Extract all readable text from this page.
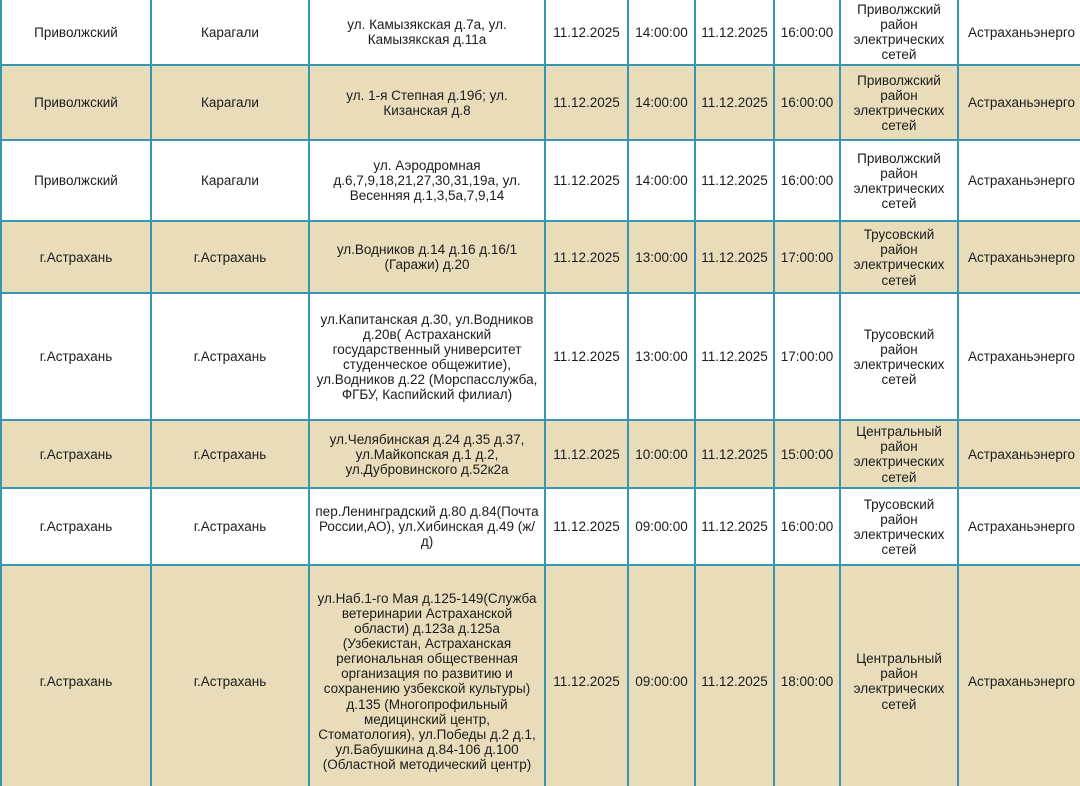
Приволжский	Карагали	ул. Камызякская д.7а, ул. Камызякская д.11а	11.12.2025	14:00:00	11.12.2025	16:00:00	Приволжский район электрических сетей	Астраханьэнерго
Приволжский	Карагали	ул. 1-я Степная д.19б; ул. Кизанская д.8	11.12.2025	14:00:00	11.12.2025	16:00:00	Приволжский район электрических сетей	Астраханьэнерго
Приволжский	Карагали	ул. Аэродромная д.6,7,9,18,21,27,30,31,19а, ул. Весенняя д.1,3,5а,7,9,14	11.12.2025	14:00:00	11.12.2025	16:00:00	Приволжский район электрических сетей	Астраханьэнерго
г.Астрахань	г.Астрахань	ул.Водников д.14 д.16 д.16/1 (Гаражи) д.20	11.12.2025	13:00:00	11.12.2025	17:00:00	Трусовский район электрических сетей	Астраханьэнерго
г.Астрахань	г.Астрахань	ул.Капитанская д.30, ул.Водников д.20в( Астраханский государственный университет студенческое общежитие), ул.Водников д.22 (Морспасслужба, ФГБУ, Каспийский филиал)	11.12.2025	13:00:00	11.12.2025	17:00:00	Трусовский район электрических сетей	Астраханьэнерго
г.Астрахань	г.Астрахань	ул.Челябинская д.24 д.35 д.37, ул.Майкопская д.1 д.2, ул.Дубровинского д.52к2а	11.12.2025	10:00:00	11.12.2025	15:00:00	Центральный район электрических сетей	Астраханьэнерго
г.Астрахань	г.Астрахань	пер.Ленинградский д.80 д.84(Почта России,АО), ул.Хибинская д.49 (ж/д)	11.12.2025	09:00:00	11.12.2025	16:00:00	Трусовский район электрических сетей	Астраханьэнерго
г.Астрахань	г.Астрахань	ул.Наб.1-го Мая д.125-149(Служба ветеринарии Астраханской области) д.123а д.125а (Узбекистан, Астраханская региональная общественная организация по развитию и сохранению узбекской культуры) д.135 (Многопрофильный медицинский центр, Стоматология), ул.Победы д.2 д.1, ул.Бабушкина д.84-106 д.100 (Областной методический центр)	11.12.2025	09:00:00	11.12.2025	18:00:00	Центральный район электрических сетей	Астраханьэнерго
